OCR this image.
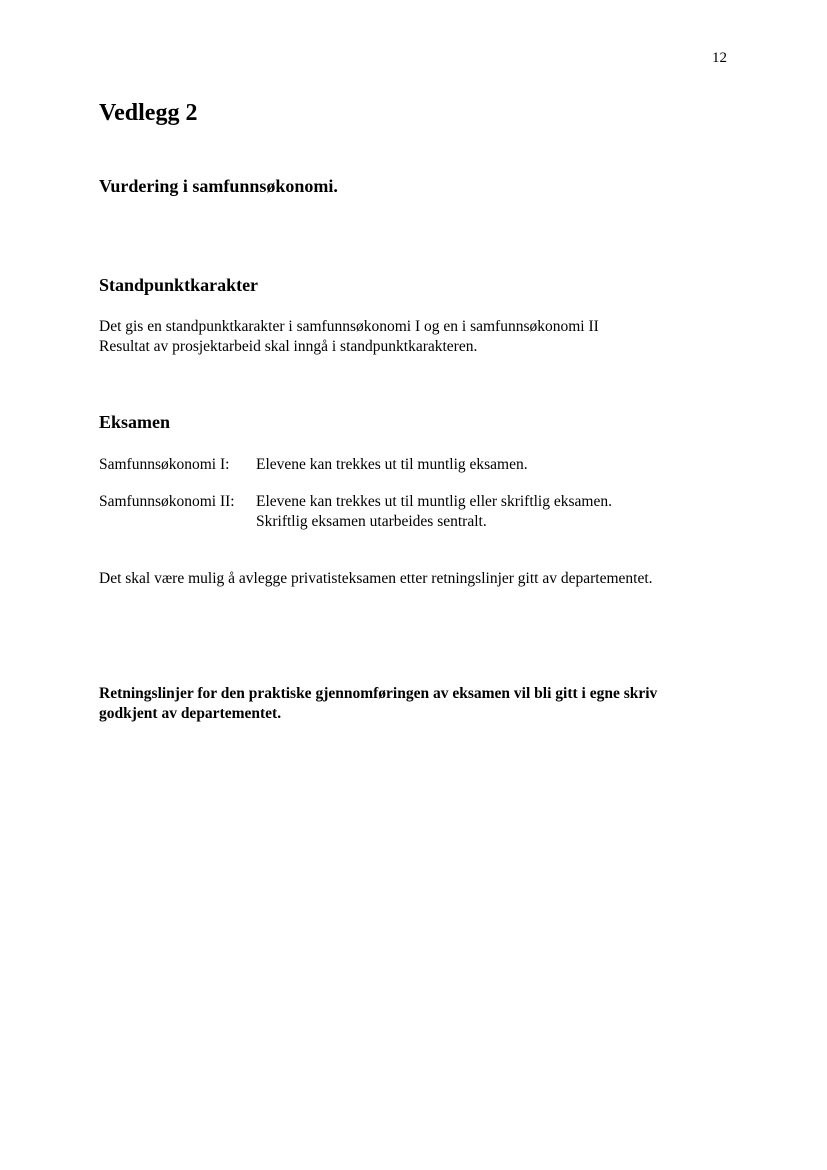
12
Vedlegg 2
Vurdering i samfunnsøkonomi.
Standpunktkarakter

Det gis en standpunktkarakter i samfunnsøkonomi I og en i samfunnsøkonomi II
Resultat av prosjektarbeid skal inngå i standpunktkarakteren.

Eksamen
Samfunnsøkonomi I: Elevene kan trekkes ut til muntlig eksamen.
Samfunnsøkonomi II: Elevene kan trekkes ut til muntlig eller skriftlig eksamen.
Skriftlig eksamen utarbeides sentralt.

Det skal være mulig å avlegge privatisteksamen etter retningslinjer gitt av departementet.

Retningslinjer for den praktiske gjennomføringen av eksamen vil bli gitt i egne skriv
godkjent av departementet.
